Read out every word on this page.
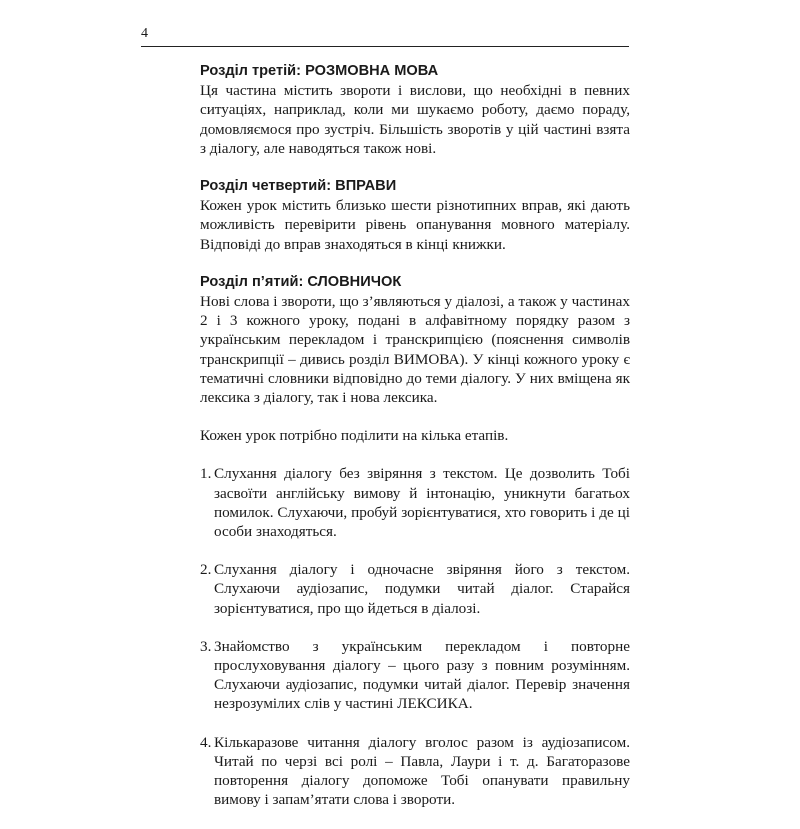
4

Розділ третій: РОЗМОВНА МОВА

Ця частина містить звороти і вислови, що необхідні в певних ситуаціях, наприклад, коли ми шукаємо роботу, даємо пораду, домовляємося про зустріч. Більшість зворотів у цій частині взята з діалогу, але наводяться також нові.

Розділ четвертий: ВПРАВИ

Кожен урок містить близько шести різнотипних вправ, які дають можливість перевірити рівень опанування мовного матеріалу. Відповіді до вправ знаходяться в кінці книжки.

Розділ п’ятий: СЛОВНИЧОК

Нові слова і звороти, що з’являються у діалозі, а також у частинах 2 і 3 кожного уроку, подані в алфавітному порядку разом з українським перекладом і транскрипцією (пояснення символів транскрипції – дивись розділ ВИМОВА). У кінці кожного уроку є тематичні словники відповідно до теми діалогу. У них вміщена як лексика з діалогу, так і нова лексика.

Кожен урок потрібно поділити на кілька етапів.

1. Слухання діалогу без звіряння з текстом. Це дозволить Тобі засвоїти англійську вимову й інтонацію, уникнути багатьох помилок. Слухаючи, пробуй зорієнтуватися, хто говорить і де ці особи знаходяться.
2. Слухання діалогу і одночасне звіряння його з текстом. Слухаючи аудіозапис, подумки читай діалог. Старайся зорієнтуватися, про що йдеться в діалозі.
3. Знайомство з українським перекладом і повторне прослуховування діалогу – цього разу з повним розумінням. Слухаючи аудіозапис, подумки читай діалог. Перевір значення незрозумілих слів у частині ЛЕКСИКА.
4. Кількаразове читання діалогу вголос разом із аудіозаписом. Читай по черзі всі ролі – Павла, Лаури і т. д. Багаторазове повторення діалогу допоможе Тобі опанувати правильну вимову і запам’ятати слова і звороти.
